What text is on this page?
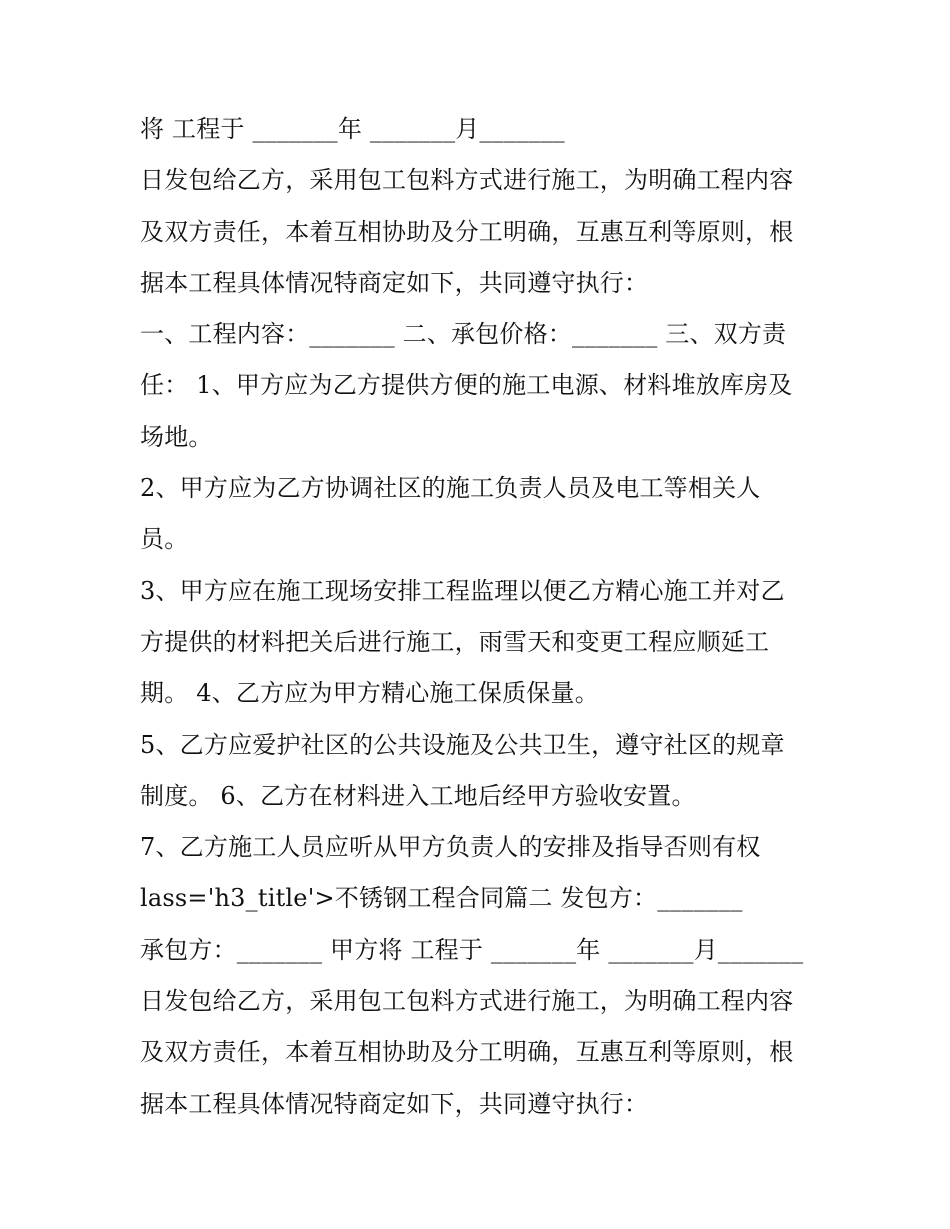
将 工程于 _______年 _______月_______
日发包给乙方，采用包工包料方式进行施工，为明确工程内容
及双方责任，本着互相协助及分工明确，互惠互利等原则，根
据本工程具体情况特商定如下，共同遵守执行：
一、工程内容：_______ 二、承包价格：_______ 三、双方责
任： 1、甲方应为乙方提供方便的施工电源、材料堆放库房及
场地。
2、甲方应为乙方协调社区的施工负责人员及电工等相关人
员。
3、甲方应在施工现场安排工程监理以便乙方精心施工并对乙
方提供的材料把关后进行施工，雨雪天和变更工程应顺延工
期。 4、乙方应为甲方精心施工保质保量。
5、乙方应爱护社区的公共设施及公共卫生，遵守社区的规章
制度。 6、乙方在材料进入工地后经甲方验收安置。
7、乙方施工人员应听从甲方负责人的安排及指导否则有权
lass='h3_title'>不锈钢工程合同篇二 发包方：_______
承包方：_______ 甲方将 工程于 _______年 _______月_______
日发包给乙方，采用包工包料方式进行施工，为明确工程内容
及双方责任，本着互相协助及分工明确，互惠互利等原则，根
据本工程具体情况特商定如下，共同遵守执行：
